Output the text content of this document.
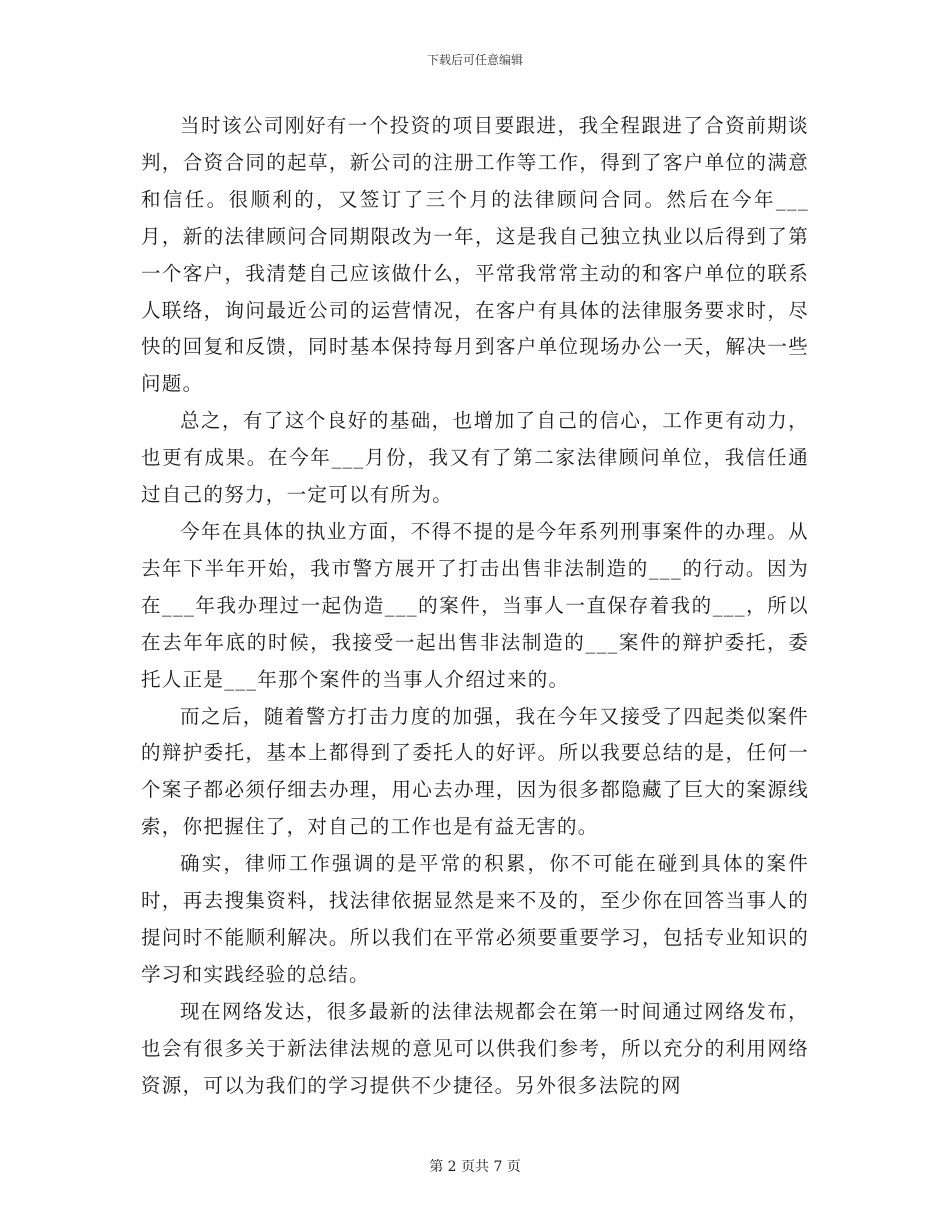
下载后可任意编辑

当时该公司刚好有一个投资的项目要跟进，我全程跟进了合资前期谈判，合资合同的起草，新公司的注册工作等工作，得到了客户单位的满意和信任。很顺利的，又签订了三个月的法律顾问合同。然后在今年___月，新的法律顾问合同期限改为一年，这是我自己独立执业以后得到了第一个客户，我清楚自己应该做什么，平常我常常主动的和客户单位的联系人联络，询问最近公司的运营情况，在客户有具体的法律服务要求时，尽快的回复和反馈，同时基本保持每月到客户单位现场办公一天，解决一些问题。

总之，有了这个良好的基础，也增加了自己的信心，工作更有动力，也更有成果。在今年___月份，我又有了第二家法律顾问单位，我信任通过自己的努力，一定可以有所为。

今年在具体的执业方面，不得不提的是今年系列刑事案件的办理。从去年下半年开始，我市警方展开了打击出售非法制造的___的行动。因为在___年我办理过一起伪造___的案件，当事人一直保存着我的___，所以在去年年底的时候，我接受一起出售非法制造的___案件的辩护委托，委托人正是___年那个案件的当事人介绍过来的。

而之后，随着警方打击力度的加强，我在今年又接受了四起类似案件的辩护委托，基本上都得到了委托人的好评。所以我要总结的是，任何一个案子都必须仔细去办理，用心去办理，因为很多都隐藏了巨大的案源线索，你把握住了，对自己的工作也是有益无害的。

确实，律师工作强调的是平常的积累，你不可能在碰到具体的案件时，再去搜集资料，找法律依据显然是来不及的，至少你在回答当事人的提问时不能顺利解决。所以我们在平常必须要重要学习，包括专业知识的学习和实践经验的总结。

现在网络发达，很多最新的法律法规都会在第一时间通过网络发布，也会有很多关于新法律法规的意见可以供我们参考，所以充分的利用网络资源，可以为我们的学习提供不少捷径。另外很多法院的网

第 2 页共 7 页
